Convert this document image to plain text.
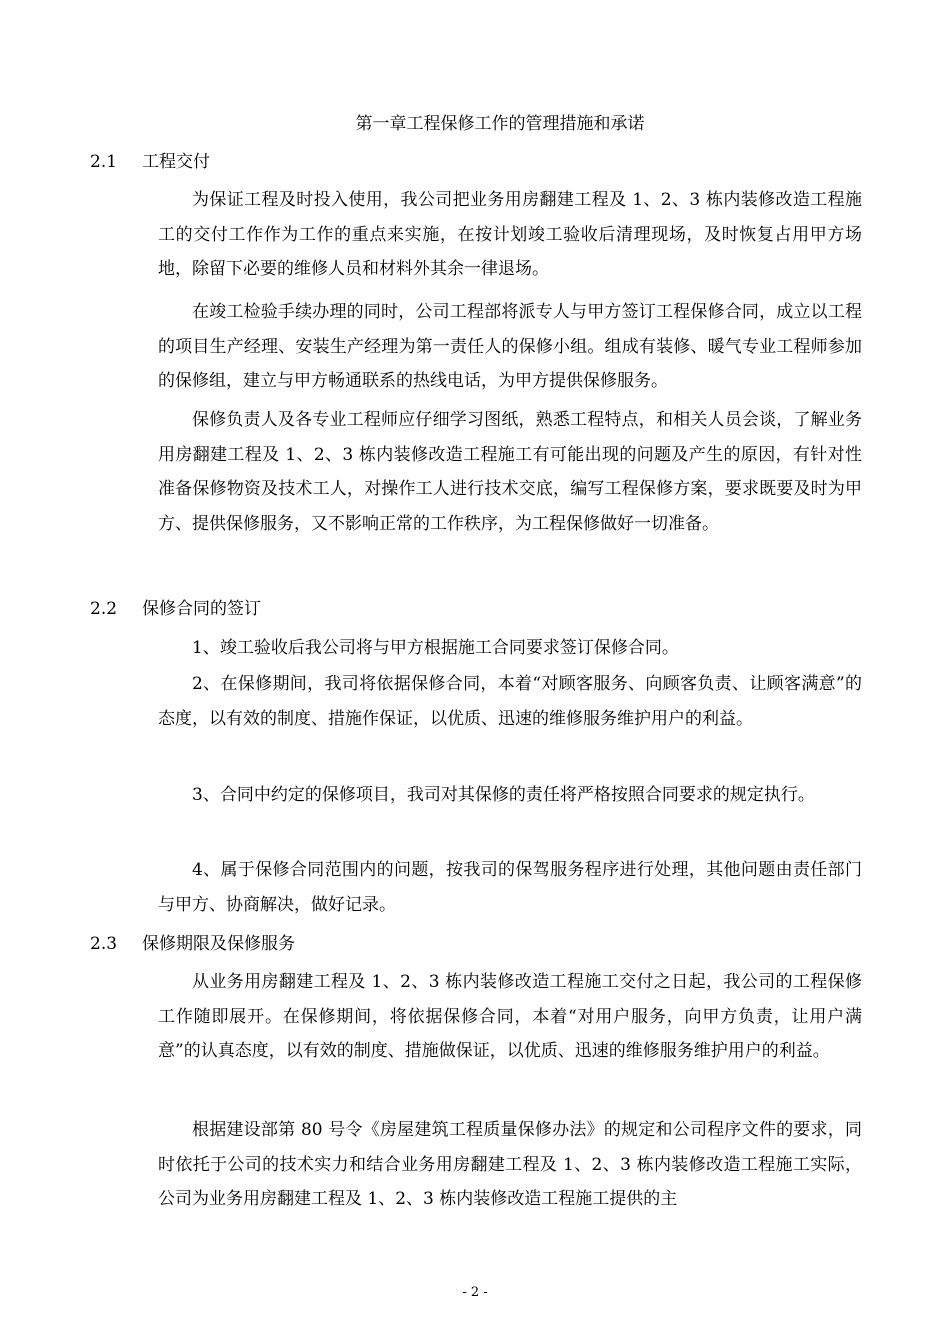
第一章工程保修工作的管理措施和承诺
2.1 工程交付

为保证工程及时投入使用，我公司把业务用房翻建工程及 1、2、3 栋内装修改造工程施工的交付工作作为工作的重点来实施，在按计划竣工验收后清理现场，及时恢复占用甲方场地，除留下必要的维修人员和材料外其余一律退场。

在竣工检验手续办理的同时，公司工程部将派专人与甲方签订工程保修合同，成立以工程的项目生产经理、安装生产经理为第一责任人的保修小组。组成有装修、暖气专业工程师参加的保修组，建立与甲方畅通联系的热线电话，为甲方提供保修服务。

保修负责人及各专业工程师应仔细学习图纸，熟悉工程特点，和相关人员会谈，了解业务用房翻建工程及 1、2、3 栋内装修改造工程施工有可能出现的问题及产生的原因，有针对性准备保修物资及技术工人，对操作工人进行技术交底，编写工程保修方案，要求既要及时为甲方、提供保修服务，又不影响正常的工作秩序，为工程保修做好一切准备。

2.2 保修合同的签订

1、竣工验收后我公司将与甲方根据施工合同要求签订保修合同。

2、在保修期间，我司将依据保修合同，本着“对顾客服务、向顾客负责、让顾客满意”的态度，以有效的制度、措施作保证，以优质、迅速的维修服务维护用户的利益。

3、合同中约定的保修项目，我司对其保修的责任将严格按照合同要求的规定执行。

4、属于保修合同范围内的问题，按我司的保驾服务程序进行处理，其他问题由责任部门与甲方、协商解决，做好记录。

2.3 保修期限及保修服务

从业务用房翻建工程及 1、2、3 栋内装修改造工程施工交付之日起，我公司的工程保修工作随即展开。在保修期间，将依据保修合同，本着“对用户服务，向甲方负责，让用户满意”的认真态度，以有效的制度、措施做保证，以优质、迅速的维修服务维护用户的利益。

根据建设部第 80 号令《房屋建筑工程质量保修办法》的规定和公司程序文件的要求，同时依托于公司的技术实力和结合业务用房翻建工程及 1、2、3 栋内装修改造工程施工实际，公司为业务用房翻建工程及 1、2、3 栋内装修改造工程施工提供的主

- 2 -
